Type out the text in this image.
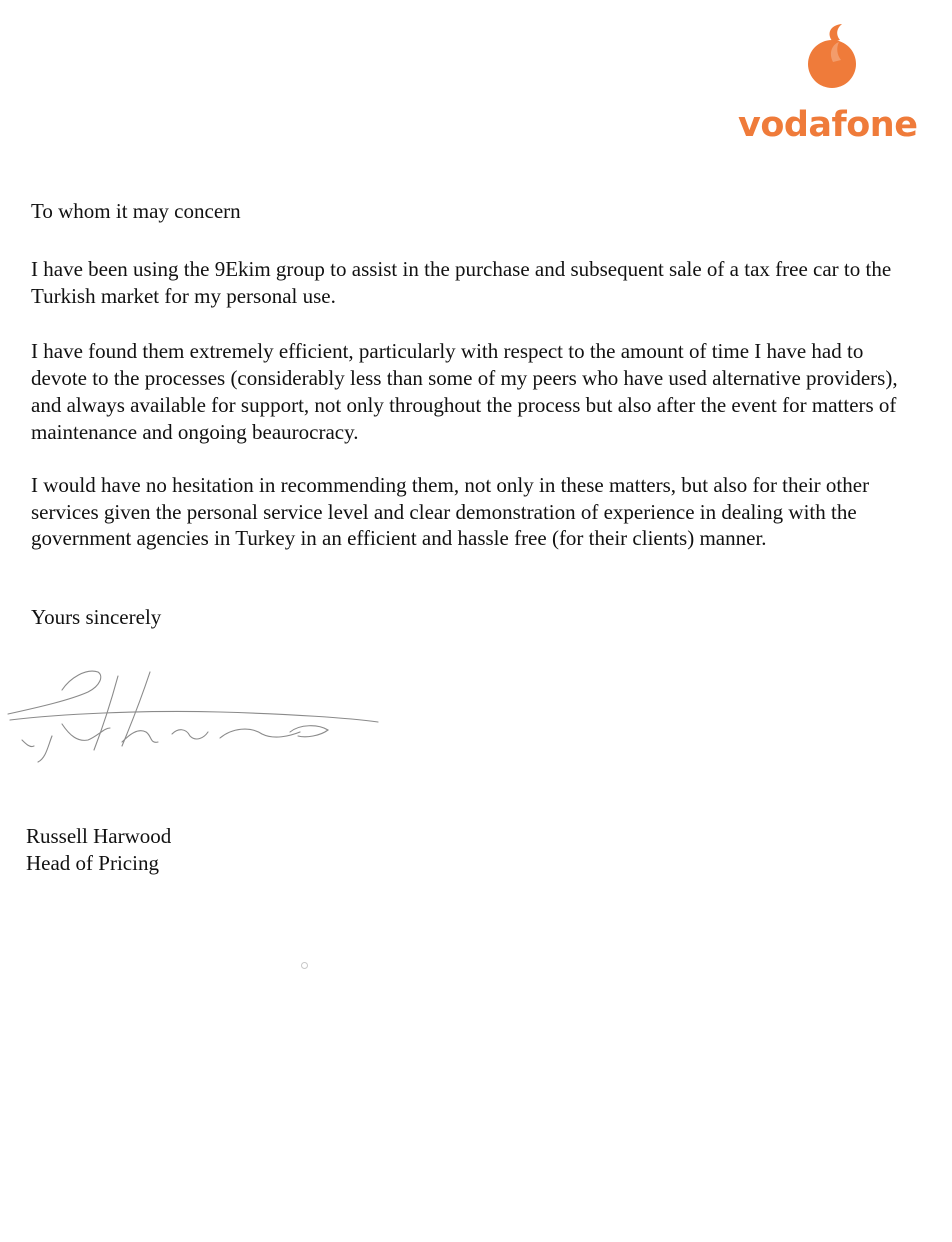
vodafone

To whom it may concern

I have been using the 9Ekim group to assist in the purchase and subsequent sale of a tax free car to the Turkish market for my personal use.

I have found them extremely efficient, particularly with respect to the amount of time I have had to devote to the processes (considerably less than some of my peers who have used alternative providers), and always available for support, not only throughout the process but also after the event for matters of maintenance and ongoing beaurocracy.

I would have no hesitation in recommending them, not only in these matters, but also for their other services given the personal service level and clear demonstration of experience in dealing with the government agencies in Turkey in an efficient and hassle free (for their clients) manner.

Yours sincerely

Russell Harwood
Head of Pricing
